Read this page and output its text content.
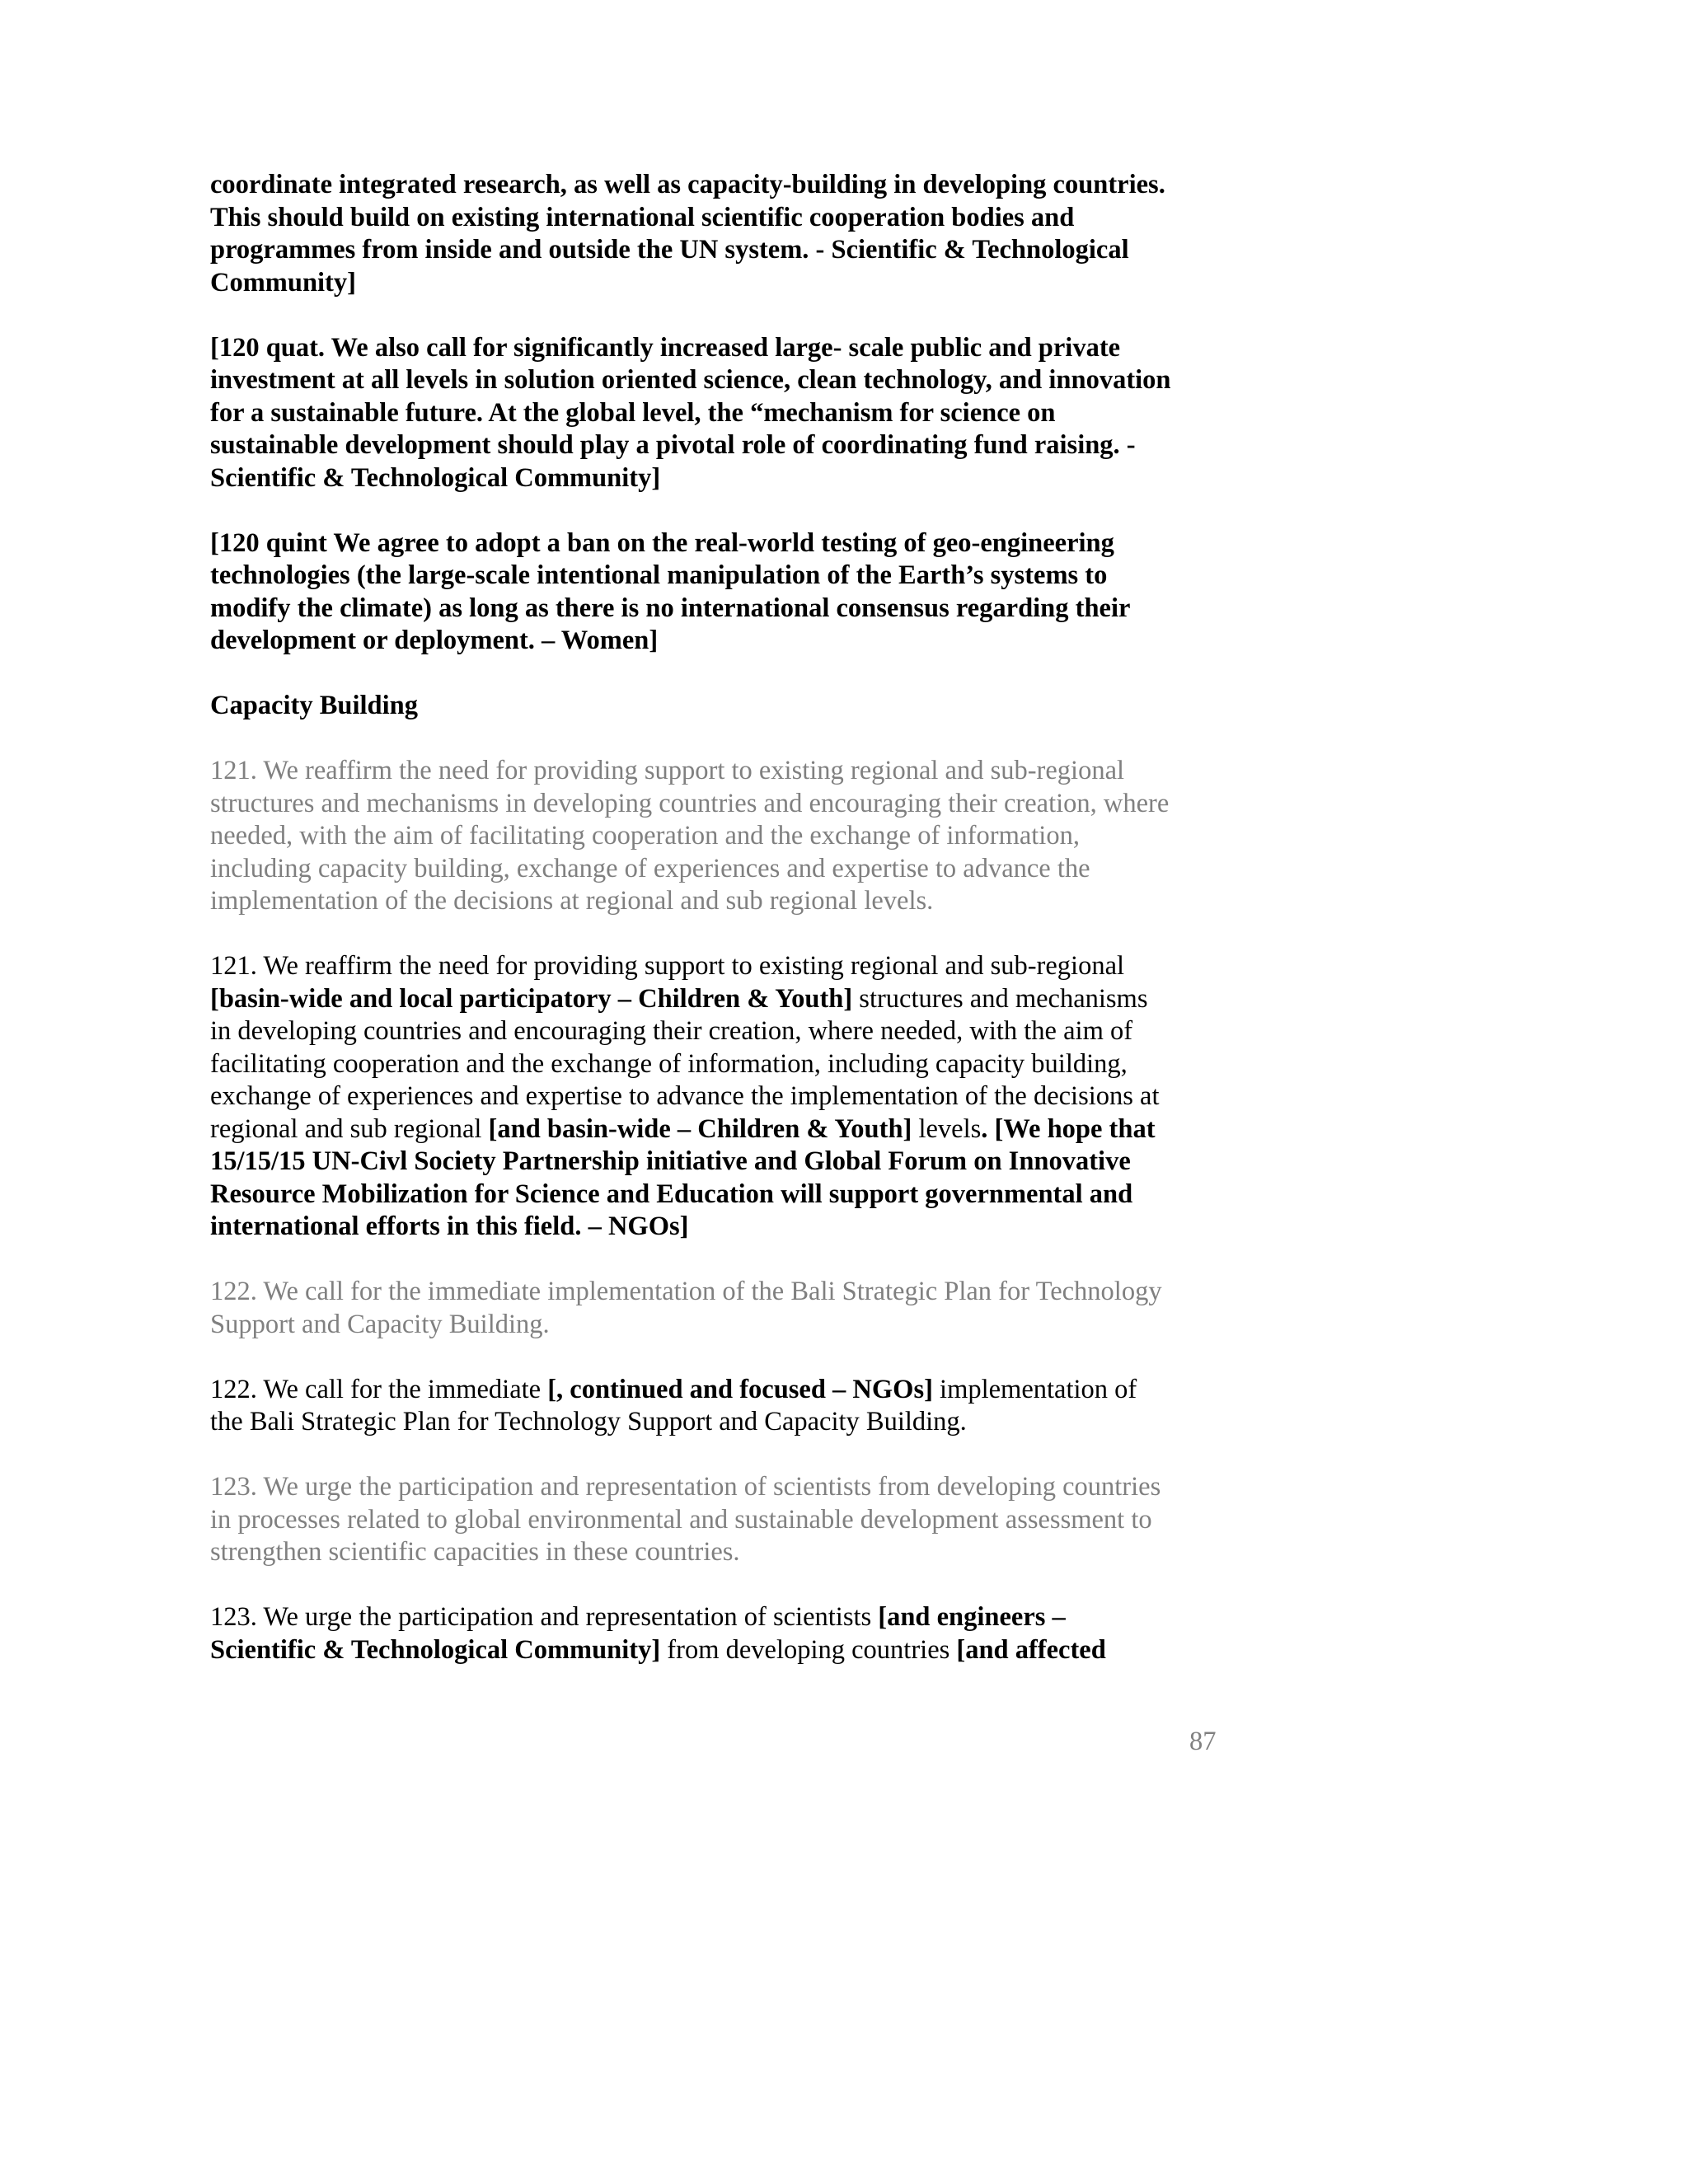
coordinate integrated research, as well as capacity-building in developing countries.
This should build on existing international scientific cooperation bodies and
programmes from inside and outside the UN system. - Scientific & Technological
Community]
[120 quat. We also call for significantly increased large- scale public and private
investment at all levels in solution oriented science, clean technology, and innovation
for a sustainable future. At the global level, the “mechanism for science on
sustainable development should play a pivotal role of coordinating fund raising. -
Scientific & Technological Community]
[120 quint We agree to adopt a ban on the real-world testing of geo-engineering
technologies (the large-scale intentional manipulation of the Earth’s systems to
modify the climate) as long as there is no international consensus regarding their
development or deployment. – Women]
Capacity Building
121. We reaffirm the need for providing support to existing regional and sub-regional
structures and mechanisms in developing countries and encouraging their creation, where
needed, with the aim of facilitating cooperation and the exchange of information,
including capacity building, exchange of experiences and expertise to advance the
implementation of the decisions at regional and sub regional levels.
121. We reaffirm the need for providing support to existing regional and sub-regional
[basin-wide and local participatory – Children & Youth] structures and mechanisms
in developing countries and encouraging their creation, where needed, with the aim of
facilitating cooperation and the exchange of information, including capacity building,
exchange of experiences and expertise to advance the implementation of the decisions at
regional and sub regional [and basin-wide – Children & Youth] levels. [We hope that
15/15/15 UN-Civl Society Partnership initiative and Global Forum on Innovative
Resource Mobilization for Science and Education will support governmental and
international efforts in this field. – NGOs]
122. We call for the immediate implementation of the Bali Strategic Plan for Technology
Support and Capacity Building.
122. We call for the immediate [, continued and focused – NGOs] implementation of
the Bali Strategic Plan for Technology Support and Capacity Building.
123. We urge the participation and representation of scientists from developing countries
in processes related to global environmental and sustainable development assessment to
strengthen scientific capacities in these countries.
123. We urge the participation and representation of scientists [and engineers –
Scientific & Technological Community] from developing countries [and affected
87
